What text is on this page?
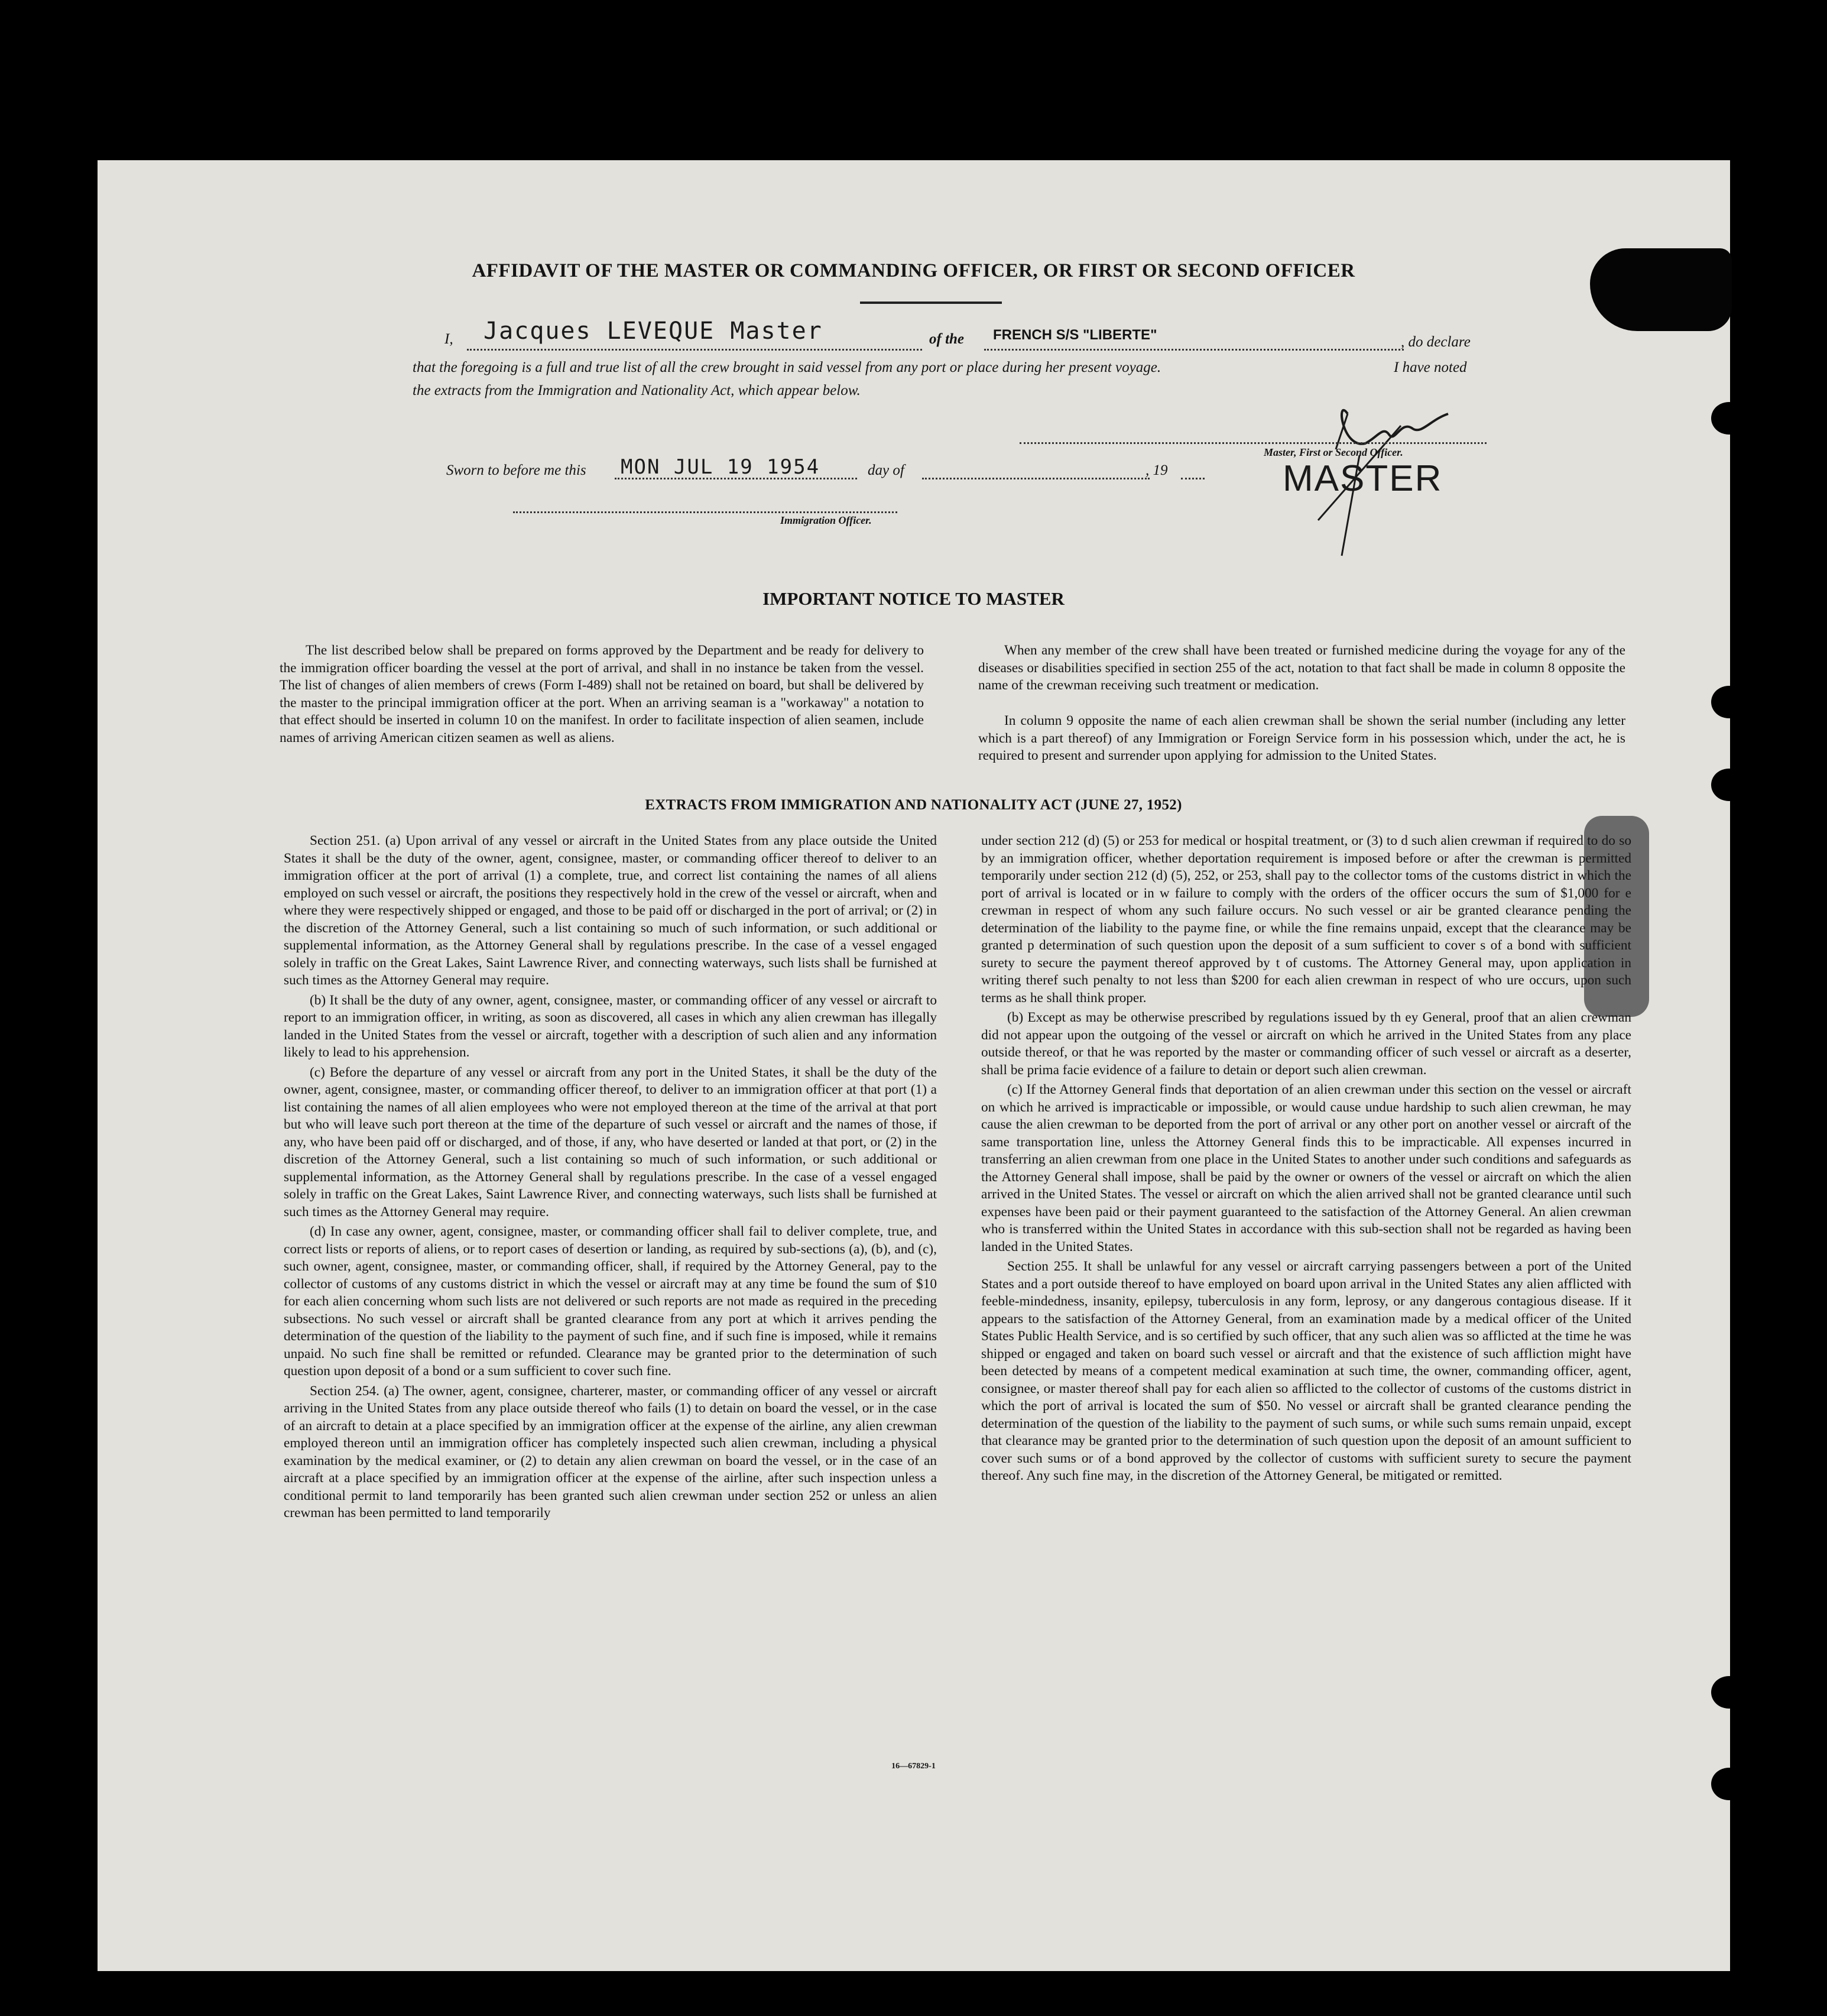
AFFIDAVIT OF THE MASTER OR COMMANDING OFFICER, OR FIRST OR SECOND OFFICER
I, Jacques LEVEQUE Master	of the FRENCH S/S "LIBERTE"	, do declare
that the foregoing is a full and true list of all the crew brought in said vessel from any port or place during her present voyage.	I have noted
the extracts from the Immigration and Nationality Act, which appear below.
Master, First or Second Officer.
MASTER
Sworn to before me this MON JUL 19 1954	day of	, 19
Immigration Officer.
IMPORTANT NOTICE TO MASTER

The list described below shall be prepared on forms approved by the Department and be ready for delivery to the immigration officer boarding the vessel at the port of arrival, and shall in no instance be taken from the vessel. The list of changes of alien members of crews (Form I-489) shall not be retained on board, but shall be delivered by the master to the principal immigration officer at the port. When an arriving seaman is a "workaway" a notation to that effect should be inserted in column 10 on the manifest. In order to facilitate inspection of alien seamen, include names of arriving American citizen seamen as well as aliens.

When any member of the crew shall have been treated or furnished medicine during the voyage for any of the diseases or disabilities specified in section 255 of the act, notation to that fact shall be made in column 8 opposite the name of the crewman receiving such treatment or medication.

In column 9 opposite the name of each alien crewman shall be shown the serial number (including any letter which is a part thereof) of any Immigration or Foreign Service form in his possession which, under the act, he is required to present and surrender upon applying for admission to the United States.

EXTRACTS FROM IMMIGRATION AND NATIONALITY ACT (JUNE 27, 1952)

Section 251. (a) Upon arrival of any vessel or aircraft in the United States from any place outside the United States it shall be the duty of the owner, agent, consignee, master, or commanding officer thereof to deliver to an immigration officer at the port of arrival (1) a complete, true, and correct list containing the names of all aliens employed on such vessel or aircraft, the positions they respectively hold in the crew of the vessel or aircraft, when and where they were respectively shipped or engaged, and those to be paid off or discharged in the port of arrival; or (2) in the discretion of the Attorney General, such a list containing so much of such information, or such additional or supplemental information, as the Attorney General shall by regulations prescribe. In the case of a vessel engaged solely in traffic on the Great Lakes, Saint Lawrence River, and connecting waterways, such lists shall be furnished at such times as the Attorney General may require.

(b) It shall be the duty of any owner, agent, consignee, master, or commanding officer of any vessel or aircraft to report to an immigration officer, in writing, as soon as discovered, all cases in which any alien crewman has illegally landed in the United States from the vessel or aircraft, together with a description of such alien and any information likely to lead to his apprehension.

(c) Before the departure of any vessel or aircraft from any port in the United States, it shall be the duty of the owner, agent, consignee, master, or commanding officer thereof, to deliver to an immigration officer at that port (1) a list containing the names of all alien employees who were not employed thereon at the time of the arrival at that port but who will leave such port thereon at the time of the departure of such vessel or aircraft and the names of those, if any, who have been paid off or discharged, and of those, if any, who have deserted or landed at that port, or (2) in the discretion of the Attorney General, such a list containing so much of such information, or such additional or supplemental information, as the Attorney General shall by regulations prescribe. In the case of a vessel engaged solely in traffic on the Great Lakes, Saint Lawrence River, and connecting waterways, such lists shall be furnished at such times as the Attorney General may require.

(d) In case any owner, agent, consignee, master, or commanding officer shall fail to deliver complete, true, and correct lists or reports of aliens, or to report cases of desertion or landing, as required by sub-sections (a), (b), and (c), such owner, agent, consignee, master, or commanding officer, shall, if required by the Attorney General, pay to the collector of customs of any customs district in which the vessel or aircraft may at any time be found the sum of $10 for each alien concerning whom such lists are not delivered or such reports are not made as required in the preceding subsections. No such vessel or aircraft shall be granted clearance from any port at which it arrives pending the determination of the question of the liability to the payment of such fine, and if such fine is imposed, while it remains unpaid. No such fine shall be remitted or refunded. Clearance may be granted prior to the determination of such question upon deposit of a bond or a sum sufficient to cover such fine.

Section 254. (a) The owner, agent, consignee, charterer, master, or commanding officer of any vessel or aircraft arriving in the United States from any place outside thereof who fails (1) to detain on board the vessel, or in the case of an aircraft to detain at a place specified by an immigration officer at the expense of the airline, any alien crewman employed thereon until an immigration officer has completely inspected such alien crewman, including a physical examination by the medical examiner, or (2) to detain any alien crewman on board the vessel, or in the case of an aircraft at a place specified by an immigration officer at the expense of the airline, after such inspection unless a conditional permit to land temporarily has been granted such alien crewman under section 252 or unless an alien crewman has been permitted to land temporarily

under section 212 (d) (5) or 253 for medical or hospital treatment, or (3) to d such alien crewman if required to do so by an immigration officer, whether deportation requirement is imposed before or after the crewman is permitted temporarily under section 212 (d) (5), 252, or 253, shall pay to the collector toms of the customs district in which the port of arrival is located or in w failure to comply with the orders of the officer occurs the sum of $1,000 for e crewman in respect of whom any such failure occurs. No such vessel or air be granted clearance pending the determination of the liability to the payme fine, or while the fine remains unpaid, except that the clearance may be granted p determination of such question upon the deposit of a sum sufficient to cover s of a bond with sufficient surety to secure the payment thereof approved by t of customs. The Attorney General may, upon application in writing theref such penalty to not less than $200 for each alien crewman in respect of who ure occurs, upon such terms as he shall think proper.

(b) Except as may be otherwise prescribed by regulations issued by th ey General, proof that an alien crewman did not appear upon the outgoing of the vessel or aircraft on which he arrived in the United States from any place outside thereof, or that he was reported by the master or commanding officer of such vessel or aircraft as a deserter, shall be prima facie evidence of a failure to detain or deport such alien crewman.

(c) If the Attorney General finds that deportation of an alien crewman under this section on the vessel or aircraft on which he arrived is impracticable or impossible, or would cause undue hardship to such alien crewman, he may cause the alien crewman to be deported from the port of arrival or any other port on another vessel or aircraft of the same transportation line, unless the Attorney General finds this to be impracticable. All expenses incurred in transferring an alien crewman from one place in the United States to another under such conditions and safeguards as the Attorney General shall impose, shall be paid by the owner or owners of the vessel or aircraft on which the alien arrived in the United States. The vessel or aircraft on which the alien arrived shall not be granted clearance until such expenses have been paid or their payment guaranteed to the satisfaction of the Attorney General. An alien crewman who is transferred within the United States in accordance with this sub-section shall not be regarded as having been landed in the United States.

Section 255. It shall be unlawful for any vessel or aircraft carrying passengers between a port of the United States and a port outside thereof to have employed on board upon arrival in the United States any alien afflicted with feeble-mindedness, insanity, epilepsy, tuberculosis in any form, leprosy, or any dangerous contagious disease. If it appears to the satisfaction of the Attorney General, from an examination made by a medical officer of the United States Public Health Service, and is so certified by such officer, that any such alien was so afflicted at the time he was shipped or engaged and taken on board such vessel or aircraft and that the existence of such affliction might have been detected by means of a competent medical examination at such time, the owner, commanding officer, agent, consignee, or master thereof shall pay for each alien so afflicted to the collector of customs of the customs district in which the port of arrival is located the sum of $50. No vessel or aircraft shall be granted clearance pending the determination of the question of the liability to the payment of such sums, or while such sums remain unpaid, except that clearance may be granted prior to the determination of such question upon the deposit of an amount sufficient to cover such sums or of a bond approved by the collector of customs with sufficient surety to secure the payment thereof. Any such fine may, in the discretion of the Attorney General, be mitigated or remitted.

16—67829-1
